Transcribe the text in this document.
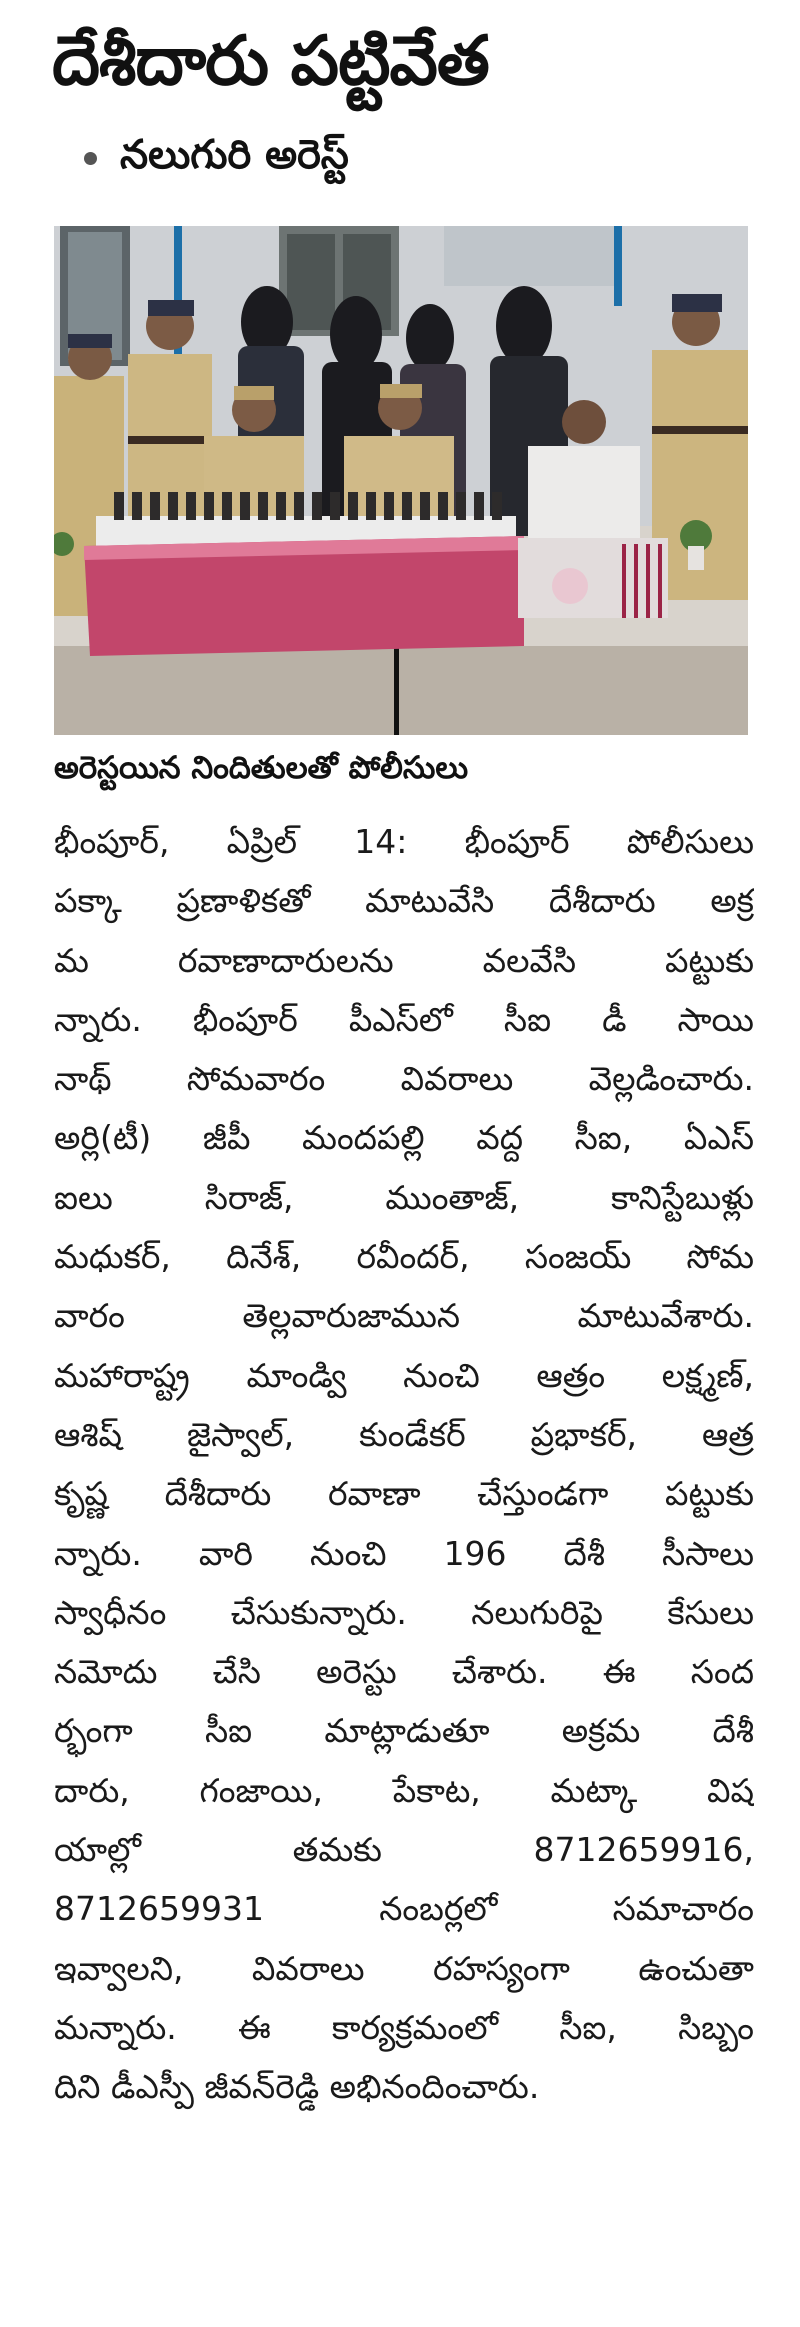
దేశీదారు పట్టివేత
నలుగురి అరెస్ట్
అరెస్టయిన నిందితులతో పోలీసులు
భీంపూర్, ఏప్రిల్ 14: భీంపూర్ పోలీసులు
పక్కా ప్రణాళికతో మాటువేసి దేశీదారు అక్ర
మ రవాణాదారులను వలవేసి పట్టుకు
న్నారు. భీంపూర్ పీఎస్‌లో సీఐ డీ సాయి
నాథ్ సోమవారం వివరాలు వెల్లడించారు.
అర్లి(టీ) జీపీ మందపల్లి వద్ద సీఐ, ఏఎస్
ఐలు సిరాజ్, ముంతాజ్, కానిస్టేబుళ్లు
మధుకర్, దినేశ్, రవీందర్, సంజయ్ సోమ
వారం తెల్లవారుజామున మాటువేశారు.
మహారాష్ట్ర మాండ్వి నుంచి ఆత్రం లక్ష్మణ్,
ఆశిష్ జైస్వాల్, కుండేకర్ ప్రభాకర్, ఆత్ర
కృష్ణ దేశీదారు రవాణా చేస్తుండగా పట్టుకు
న్నారు. వారి నుంచి 196 దేశీ సీసాలు
స్వాధీనం చేసుకున్నారు. నలుగురిపై కేసులు
నమోదు చేసి అరెస్టు చేశారు. ఈ సంద
ర్భంగా సీఐ మాట్లాడుతూ అక్రమ దేశీ
దారు, గంజాయి, పేకాట, మట్కా విష
యాల్లో తమకు 8712659916,
8712659931 నంబర్లలో సమాచారం
ఇవ్వాలని, వివరాలు రహస్యంగా ఉంచుతా
మన్నారు. ఈ కార్యక్రమంలో సీఐ, సిబ్బం
దిని డీఎస్పీ జీవన్‌రెడ్డి అభినందించారు.
